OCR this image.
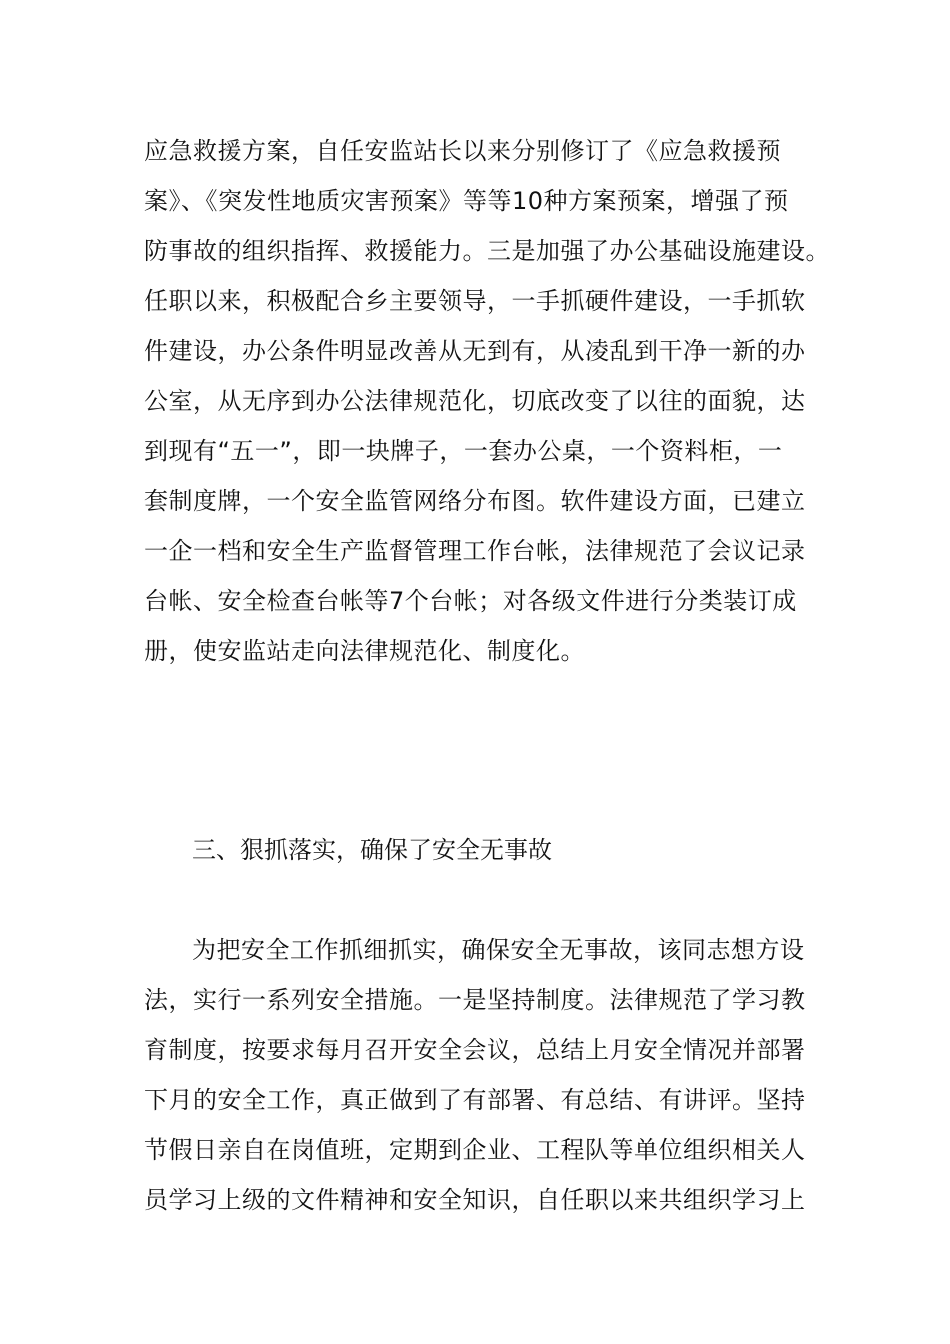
应急救援方案，自任安监站长以来分别修订了《应急救援预
案》、《突发性地质灾害预案》等等10种方案预案，增强了预
防事故的组织指挥、救援能力。三是加强了办公基础设施建设。
任职以来，积极配合乡主要领导，一手抓硬件建设，一手抓软
件建设，办公条件明显改善从无到有，从凌乱到干净一新的办
公室，从无序到办公法律规范化，切底改变了以往的面貌，达
到现有“五一”，即一块牌子，一套办公桌，一个资料柜，一
套制度牌，一个安全监管网络分布图。软件建设方面，已建立
一企一档和安全生产监督管理工作台帐，法律规范了会议记录
台帐、安全检查台帐等7个台帐；对各级文件进行分类装订成
册，使安监站走向法律规范化、制度化。
三、狠抓落实，确保了安全无事故
为把安全工作抓细抓实，确保安全无事故，该同志想方设
法，实行一系列安全措施。一是坚持制度。法律规范了学习教
育制度，按要求每月召开安全会议，总结上月安全情况并部署
下月的安全工作，真正做到了有部署、有总结、有讲评。坚持
节假日亲自在岗值班，定期到企业、工程队等单位组织相关人
员学习上级的文件精神和安全知识，自任职以来共组织学习上
